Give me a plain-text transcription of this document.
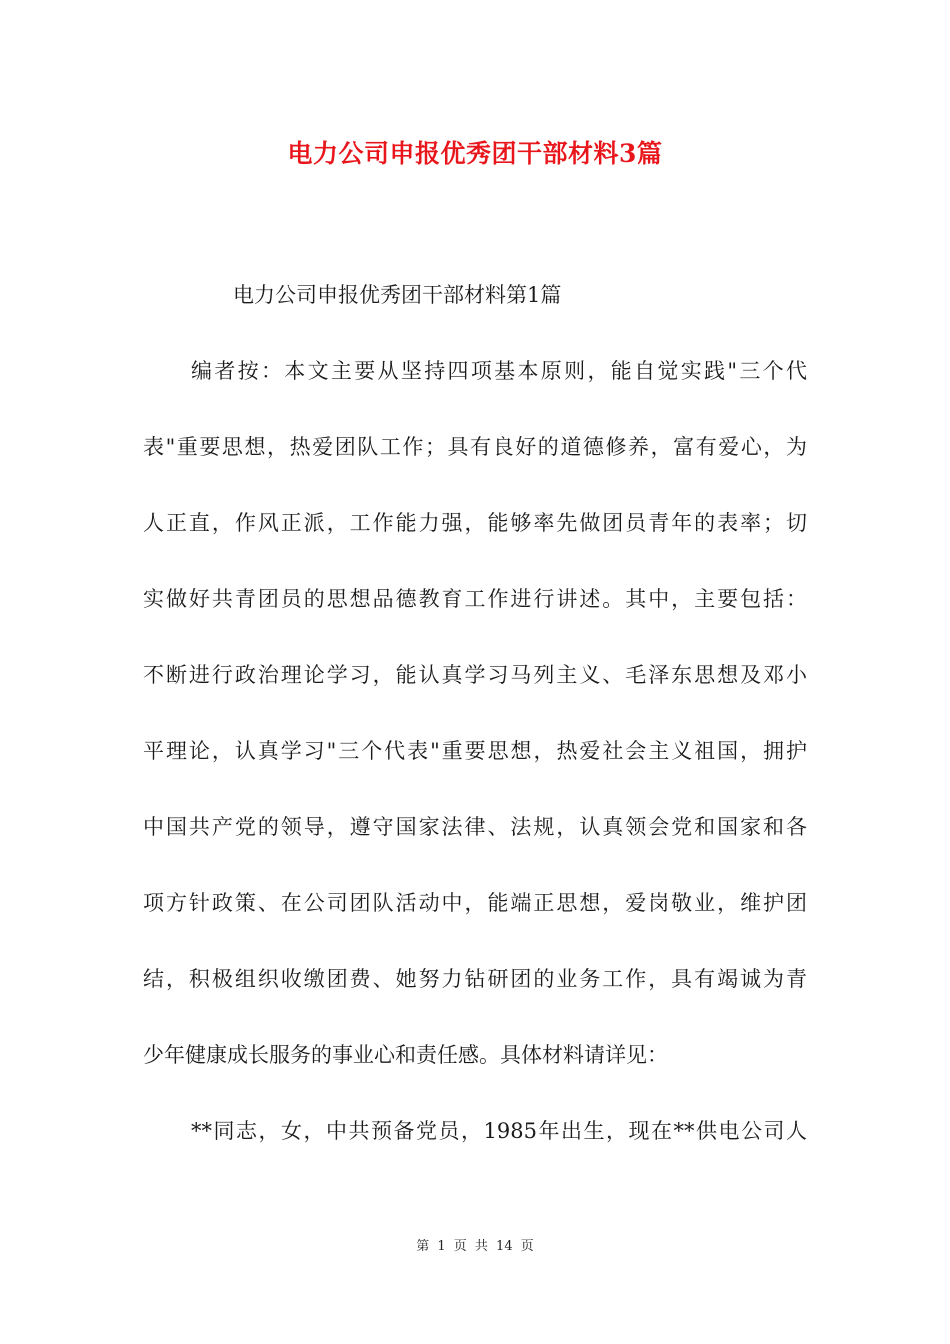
电力公司申报优秀团干部材料3篇
电力公司申报优秀团干部材料第1篇
编者按：本文主要从坚持四项基本原则，能自觉实践"三个代
表"重要思想，热爱团队工作；具有良好的道德修养，富有爱心，为
人正直，作风正派，工作能力强，能够率先做团员青年的表率；切
实做好共青团员的思想品德教育工作进行讲述。其中，主要包括：
不断进行政治理论学习，能认真学习马列主义、毛泽东思想及邓小
平理论，认真学习"三个代表"重要思想，热爱社会主义祖国，拥护
中国共产党的领导，遵守国家法律、法规，认真领会党和国家和各
项方针政策、在公司团队活动中，能端正思想，爱岗敬业，维护团
结，积极组织收缴团费、她努力钻研团的业务工作，具有竭诚为青
少年健康成长服务的事业心和责任感。具体材料请详见：
**同志，女，中共预备党员，1985年出生，现在**供电公司人
第 1 页 共 14 页
